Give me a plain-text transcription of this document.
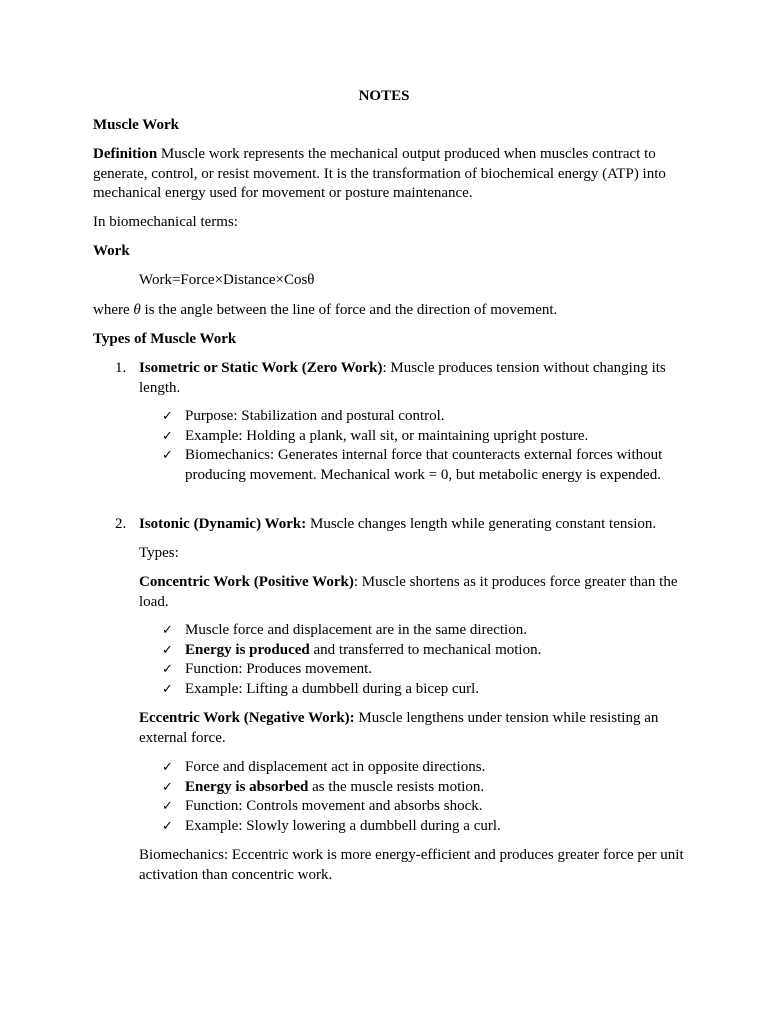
NOTES
Muscle Work

Definition Muscle work represents the mechanical output produced when muscles contract to generate, control, or resist movement. It is the transformation of biochemical energy (ATP) into mechanical energy used for movement or posture maintenance.

In biomechanical terms:
Work
Work=Force×Distance×Cosθ

where θ is the angle between the line of force and the direction of movement.

Types of Muscle Work
1. Isometric or Static Work (Zero Work): Muscle produces tension without changing its length.
✓ Purpose: Stabilization and postural control.
✓ Example: Holding a plank, wall sit, or maintaining upright posture.
✓ Biomechanics: Generates internal force that counteracts external forces without producing movement. Mechanical work = 0, but metabolic energy is expended.
2. Isotonic (Dynamic) Work: Muscle changes length while generating constant tension.
Types:

Concentric Work (Positive Work): Muscle shortens as it produces force greater than the load.

✓ Muscle force and displacement are in the same direction.
✓ Energy is produced and transferred to mechanical motion.
✓ Function: Produces movement.
✓ Example: Lifting a dumbbell during a bicep curl.

Eccentric Work (Negative Work): Muscle lengthens under tension while resisting an external force.

✓ Force and displacement act in opposite directions.
✓ Energy is absorbed as the muscle resists motion.
✓ Function: Controls movement and absorbs shock.
✓ Example: Slowly lowering a dumbbell during a curl.

Biomechanics: Eccentric work is more energy-efficient and produces greater force per unit activation than concentric work.
